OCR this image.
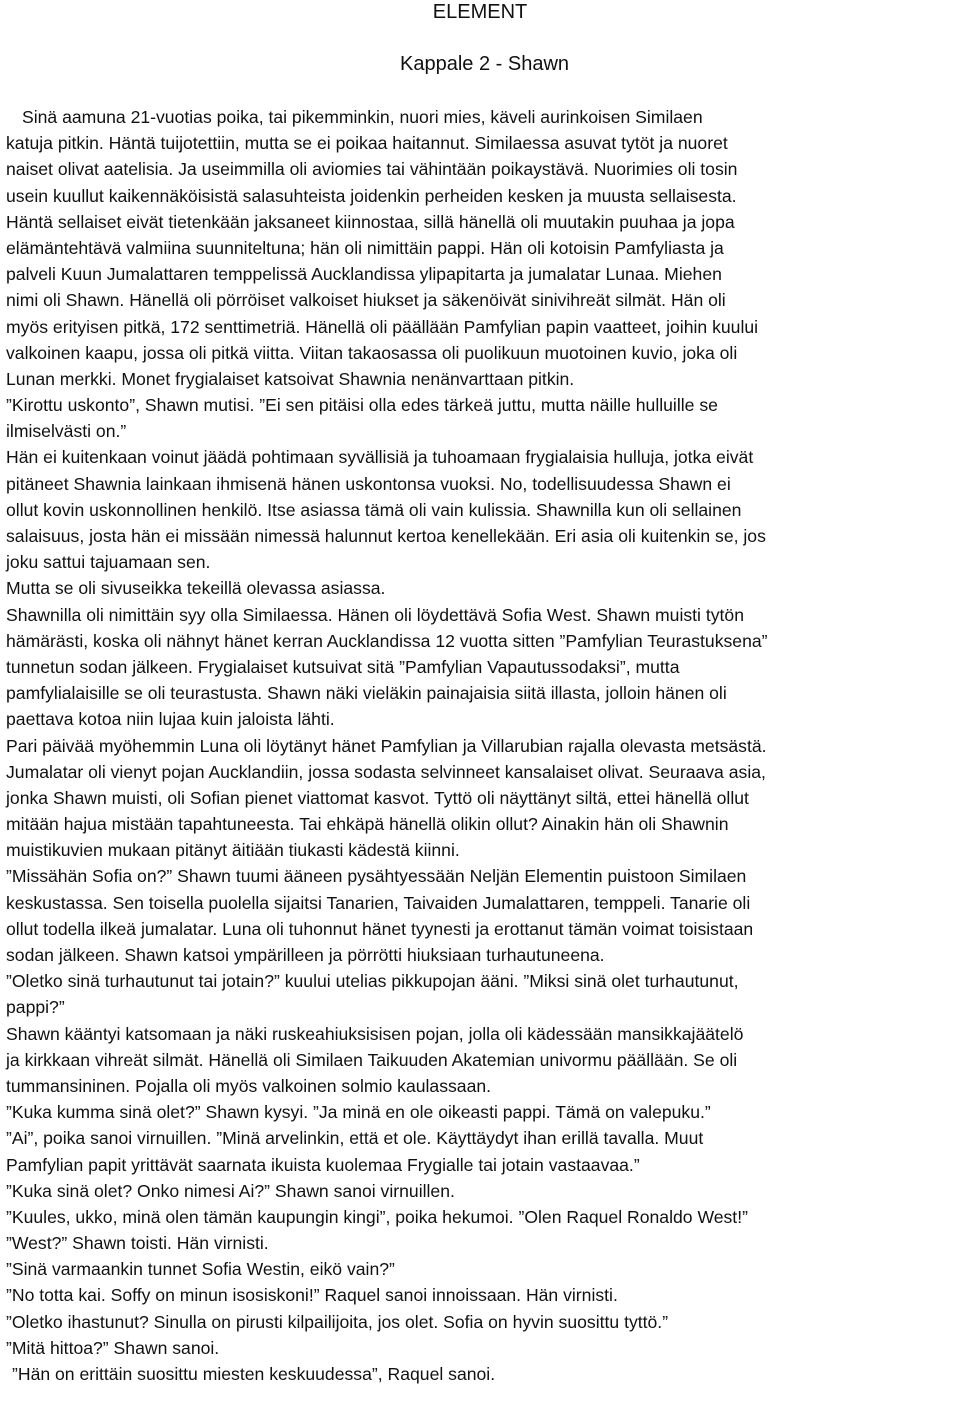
ELEMENT
Kappale 2 - Shawn
Sinä aamuna 21-vuotias poika, tai pikemminkin, nuori mies, käveli aurinkoisen Similaen
katuja pitkin. Häntä tuijotettiin, mutta se ei poikaa haitannut. Similaessa asuvat tytöt ja nuoret
naiset olivat aatelisia. Ja useimmilla oli aviomies tai vähintään poikaystävä. Nuorimies oli tosin
usein kuullut kaikennäköisistä salasuhteista joidenkin perheiden kesken ja muusta sellaisesta.
Häntä sellaiset eivät tietenkään jaksaneet kiinnostaa, sillä hänellä oli muutakin puuhaa ja jopa
elämäntehtävä valmiina suunniteltuna; hän oli nimittäin pappi. Hän oli kotoisin Pamfyliasta ja
palveli Kuun Jumalattaren temppelissä Aucklandissa ylipapitarta ja jumalatar Lunaa. Miehen
nimi oli Shawn. Hänellä oli pörröiset valkoiset hiukset ja säkenöivät sinivihreät silmät. Hän oli
myös erityisen pitkä, 172 senttimetriä. Hänellä oli päällään Pamfylian papin vaatteet, joihin kuului
valkoinen kaapu, jossa oli pitkä viitta. Viitan takaosassa oli puolikuun muotoinen kuvio, joka oli
Lunan merkki. Monet frygialaiset katsoivat Shawnia nenänvarttaan pitkin.
”Kirottu uskonto”, Shawn mutisi. ”Ei sen pitäisi olla edes tärkeä juttu, mutta näille hulluille se
ilmiselvästi on.”
Hän ei kuitenkaan voinut jäädä pohtimaan syvällisiä ja tuhoamaan frygialaisia hulluja, jotka eivät
pitäneet Shawnia lainkaan ihmisenä hänen uskontonsa vuoksi. No, todellisuudessa Shawn ei
ollut kovin uskonnollinen henkilö. Itse asiassa tämä oli vain kulissia. Shawnilla kun oli sellainen
salaisuus, josta hän ei missään nimessä halunnut kertoa kenellekään. Eri asia oli kuitenkin se, jos
joku sattui tajuamaan sen.
Mutta se oli sivuseikka tekeillä olevassa asiassa.
Shawnilla oli nimittäin syy olla Similaessa. Hänen oli löydettävä Sofia West. Shawn muisti tytön
hämärästi, koska oli nähnyt hänet kerran Aucklandissa 12 vuotta sitten ”Pamfylian Teurastuksena”
tunnetun sodan jälkeen. Frygialaiset kutsuivat sitä ”Pamfylian Vapautussodaksi”, mutta
pamfylialaisille se oli teurastusta. Shawn näki vieläkin painajaisia siitä illasta, jolloin hänen oli
paettava kotoa niin lujaa kuin jaloista lähti.
Pari päivää myöhemmin Luna oli löytänyt hänet Pamfylian ja Villarubian rajalla olevasta metsästä.
Jumalatar oli vienyt pojan Aucklandiin, jossa sodasta selvinneet kansalaiset olivat. Seuraava asia,
jonka Shawn muisti, oli Sofian pienet viattomat kasvot. Tyttö oli näyttänyt siltä, ettei hänellä ollut
mitään hajua mistään tapahtuneesta. Tai ehkäpä hänellä olikin ollut? Ainakin hän oli Shawnin
muistikuvien mukaan pitänyt äitiään tiukasti kädestä kiinni.
”Missähän Sofia on?” Shawn tuumi ääneen pysähtyessään Neljän Elementin puistoon Similaen
keskustassa. Sen toisella puolella sijaitsi Tanarien, Taivaiden Jumalattaren, temppeli. Tanarie oli
ollut todella ilkeä jumalatar. Luna oli tuhonnut hänet tyynesti ja erottanut tämän voimat toisistaan
sodan jälkeen. Shawn katsoi ympärilleen ja pörrötti hiuksiaan turhautuneena.
”Oletko sinä turhautunut tai jotain?” kuului utelias pikkupojan ääni. ”Miksi sinä olet turhautunut,
pappi?”
Shawn kääntyi katsomaan ja näki ruskeahiuksisisen pojan, jolla oli kädessään mansikkajäätelö
ja kirkkaan vihreät silmät. Hänellä oli Similaen Taikuuden Akatemian univormu päällään. Se oli
tummansininen. Pojalla oli myös valkoinen solmio kaulassaan.
”Kuka kumma sinä olet?” Shawn kysyi. ”Ja minä en ole oikeasti pappi. Tämä on valepuku.”
”Ai”, poika sanoi virnuillen. ”Minä arvelinkin, että et ole. Käyttäydyt ihan erillä tavalla. Muut
Pamfylian papit yrittävät saarnata ikuista kuolemaa Frygialle tai jotain vastaavaa.”
”Kuka sinä olet? Onko nimesi Ai?” Shawn sanoi virnuillen.
”Kuules, ukko, minä olen tämän kaupungin kingi”, poika hekumoi. ”Olen Raquel Ronaldo West!”
”West?” Shawn toisti. Hän virnisti.
”Sinä varmaankin tunnet Sofia Westin, eikö vain?”
”No totta kai. Soffy on minun isosiskoni!” Raquel sanoi innoissaan. Hän virnisti.
”Oletko ihastunut? Sinulla on pirusti kilpailijoita, jos olet. Sofia on hyvin suosittu tyttö.”
”Mitä hittoa?” Shawn sanoi.
”Hän on erittäin suosittu miesten keskuudessa”, Raquel sanoi.
